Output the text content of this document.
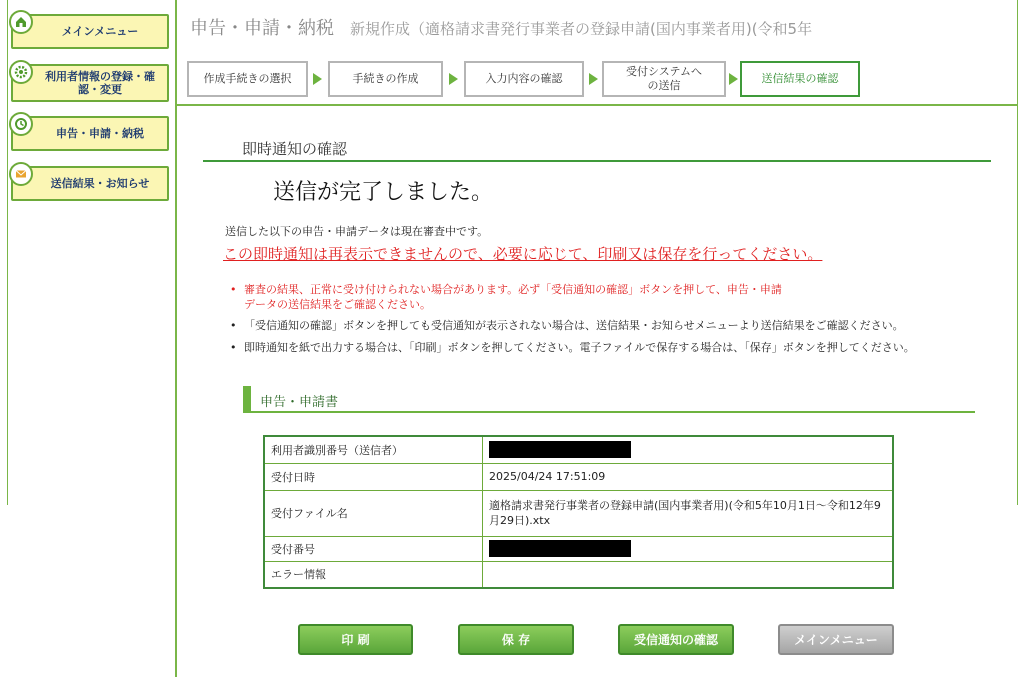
メインメニュー
利用者情報の登録・確認・変更
申告・申請・納税
送信結果・お知らせ
申告・申請・納税 新規作成（適格請求書発行事業者の登録申請(国内事業者用)(令和5年
作成手続きの選択	手続きの作成	入力内容の確認
受付システムへの送信
送信結果の確認
即時通知の確認
送信が完了しました。
送信した以下の申告・申請データは現在審査中です。
この即時通知は再表示できませんので、必要に応じて、印刷又は保存を行ってください。
• 審査の結果、正常に受け付けられない場合があります。必ず「受信通知の確認」ボタンを押して、申告・申請データの送信結果をご確認ください。
• 「受信通知の確認」ボタンを押しても受信通知が表示されない場合は、送信結果・お知らせメニューより送信結果をご確認ください。
• 即時通知を紙で出力する場合は、「印刷」ボタンを押してください。電子ファイルで保存する場合は、「保存」ボタンを押してください。
申告・申請書
利用者識別番号（送信者）	
受付日時	2025/04/24 17:51:09
受付ファイル名	適格請求書発行事業者の登録申請(国内事業者用)(令和5年10月1日～令和12年9月29日).xtx
受付番号	
エラー情報	
印 刷	保 存	受信通知の確認	メインメニュー
